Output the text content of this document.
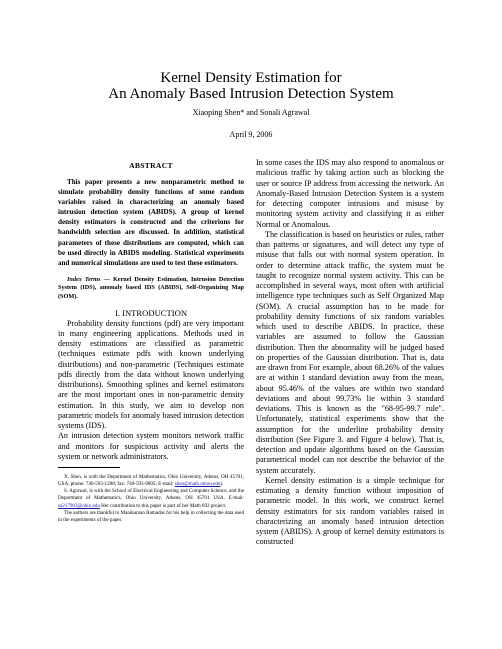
Kernel Density Estimation for
An Anomaly Based Intrusion Detection System
Xiaoping Shen* and Sonali Agrawal
April 9, 2006
ABSTRACT
This paper presents a new nonparametric method to simulate probability density functions of some random variables raised in characterizing an anomaly based intrusion detection system (ABIDS). A group of kernel density estimators is constructed and the criterions for bandwidth selection are discussed. In addition, statistical parameters of these distributions are computed, which can be used directly in ABIDS modeling. Statistical experiments and numerical simulations are used to test these estimators.
Index Terms — Kernel Density Estimation, Intrusion Detection System (IDS), anomaly based IDS (ABIDS), Self-Organizing Map (SOM).
I. INTRODUCTION

Probability density functions (pdf) are very important in many engineering applications. Methods used in density estimations are classified as parametric (techniques estimate pdfs with known underlying distributions) and non-parametric (Techniques estimate pdfs directly from the data without known underlying distributions). Smoothing splines and kernel estimators are the most important ones in non-parametric density estimation. In this study, we aim to develop non parametric models for anomaly based intrusion detection systems (IDS).

An intrusion detection system monitors network traffic and monitors for suspicious activity and alerts the system or network administrators.

X. Shen, is with the Department of Mathematics, Ohio University, Athens, OH 45701, USA. phone: 740-593-1288; fax: 740-593-9805; E-mail: shen@math.ohiou.edu).

S. Agrawal, is with the School of Electrical Engineering and Computer Science, and the Department of Mathematics, Ohio University, Athens, OH 45701 USA. E-mail: sa217903@ohio.edu Her contribution to this paper is part of her Math 692 project.

The authors are thankful to Manikantan Ramadas for his help in collecting the data used in the experiments of the paper.

In some cases the IDS may also respond to anomalous or malicious traffic by taking action such as blocking the user or source IP address from accessing the network. An Anomaly-Based Intrusion Detection System is a system for detecting computer intrusions and misuse by monitoring system activity and classifying it as either Normal or Anomalous.

The classification is based on heuristics or rules, rather than patterns or signatures, and will detect any type of misuse that falls out with normal system operation. In order to determine attack traffic, the system must be taught to recognize normal system activity. This can be accomplished in several ways, most often with artificial intelligence type techniques such as Self Organized Map (SOM). A crucial assumption has to be made for probability density functions of six random variables which used to describe ABIDS. In practice, these variables are assumed to follow the Gaussian distribution. Then the abnormality will be judged based on properties of the Gaussian distribution. That is, data are drawn from For example, about 68.26% of the values are at within 1 standard deviation away from the mean, about 95.46% of the values are within two standard deviations and about 99.73% lie within 3 standard deviations. This is known as the "68-95-99.7 rule". Unfortunately, statistical experiments show that the assumption for the underline probability density distribution (See Figure 3. and Figure 4 below). That is, detection and update algorithms based on the Gaussian parametrical model can not describe the behavior of the system accurately.

Kernel density estimation is a simple technique for estimating a density function without imposition of parametric model. In this work, we construct kernel density estimators for six random variables raised in characterizing an anomaly based intrusion detection system (ABIDS). A group of kernel density estimators is constructed
